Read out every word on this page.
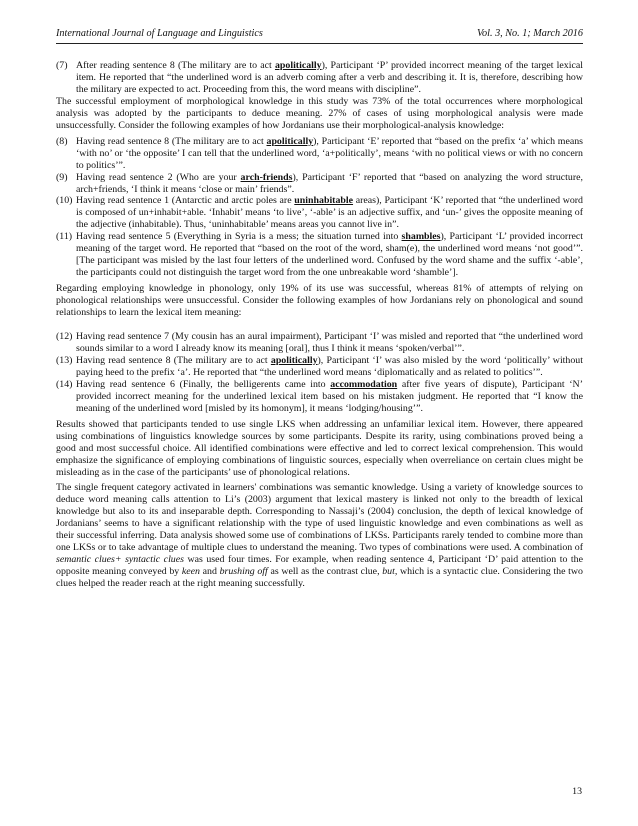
International Journal of Language and Linguistics	Vol. 3, No. 1; March 2016
(7) After reading sentence 8 (The military are to act apolitically), Participant ‘P’ provided incorrect meaning of the target lexical item. He reported that “the underlined word is an adverb coming after a verb and describing it. It is, therefore, describing how the military are expected to act. Proceeding from this, the word means with discipline”.

The successful employment of morphological knowledge in this study was 73% of the total occurrences where morphological analysis was adopted by the participants to deduce meaning. 27% of cases of using morphological analysis were made unsuccessfully. Consider the following examples of how Jordanians use their morphological-analysis knowledge:

(8) Having read sentence 8 (The military are to act apolitically), Participant ‘E’ reported that “based on the prefix ‘a’ which means ‘with no’ or ‘the opposite’ I can tell that the underlined word, ‘a+politically’, means ‘with no political views or with no concern to politics’”.
(9) Having read sentence 2 (Who are your arch-friends), Participant ‘F’ reported that “based on analyzing the word structure, arch+friends, ‘I think it means ‘close or main’ friends”.
(10) Having read sentence 1 (Antarctic and arctic poles are uninhabitable areas), Participant ‘K’ reported that “the underlined word is composed of un+inhabit+able. ‘Inhabit’ means ‘to live’, ‘-able’ is an adjective suffix, and ‘un-’ gives the opposite meaning of the adjective (inhabitable). Thus, ‘uninhabitable’ means areas you cannot live in”.
(11) Having read sentence 5 (Everything in Syria is a mess; the situation turned into shambles), Participant ‘L’ provided incorrect meaning of the target word. He reported that “based on the root of the word, sham(e), the underlined word means ‘not good’”. [The participant was misled by the last four letters of the underlined word. Confused by the word shame and the suffix ‘-able’, the participants could not distinguish the target word from the one unbreakable word ‘shamble’].

Regarding employing knowledge in phonology, only 19% of its use was successful, whereas 81% of attempts of relying on phonological relationships were unsuccessful. Consider the following examples of how Jordanians rely on phonological and sound relationships to learn the lexical item meaning:

(12) Having read sentence 7 (My cousin has an aural impairment), Participant ‘I’ was misled and reported that “the underlined word sounds similar to a word I already know its meaning [oral], thus I think it means ‘spoken/verbal’”.
(13) Having read sentence 8 (The military are to act apolitically), Participant ‘I’ was also misled by the word ‘politically’ without paying heed to the prefix ‘a’. He reported that “the underlined word means ‘diplomatically and as related to politics’”.
(14) Having read sentence 6 (Finally, the belligerents came into accommodation after five years of dispute), Participant ‘N’ provided incorrect meaning for the underlined lexical item based on his mistaken judgment. He reported that “I know the meaning of the underlined word [misled by its homonym], it means ‘lodging/housing’”.

Results showed that participants tended to use single LKS when addressing an unfamiliar lexical item. However, there appeared using combinations of linguistics knowledge sources by some participants. Despite its rarity, using combinations proved being a good and most successful choice. All identified combinations were effective and led to correct lexical comprehension. This would emphasize the significance of employing combinations of linguistic sources, especially when overreliance on certain clues might be misleading as in the case of the participants’ use of phonological relations.

The single frequent category activated in learners' combinations was semantic knowledge. Using a variety of knowledge sources to deduce word meaning calls attention to Li’s (2003) argument that lexical mastery is linked not only to the breadth of lexical knowledge but also to its and inseparable depth. Corresponding to Nassaji’s (2004) conclusion, the depth of lexical knowledge of Jordanians’ seems to have a significant relationship with the type of used linguistic knowledge and even combinations as well as their successful inferring. Data analysis showed some use of combinations of LKSs. Participants rarely tended to combine more than one LKSs or to take advantage of multiple clues to understand the meaning. Two types of combinations were used. A combination of semantic clues+ syntactic clues was used four times. For example, when reading sentence 4, Participant ‘D’ paid attention to the opposite meaning conveyed by keen and brushing off as well as the contrast clue, but, which is a syntactic clue. Considering the two clues helped the reader reach at the right meaning successfully.

13
